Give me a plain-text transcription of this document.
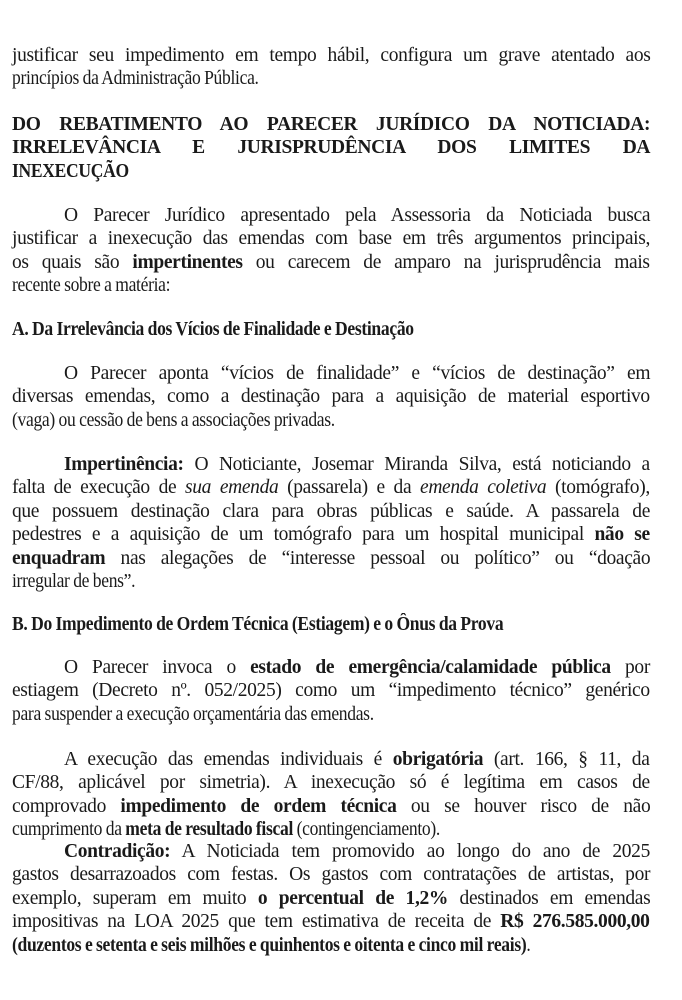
justificar seu impedimento em tempo hábil, configura um grave atentado aos
princípios da Administração Pública.
DO REBATIMENTO AO PARECER JURÍDICO DA NOTICIADA:
IRRELEVÂNCIA E JURISPRUDÊNCIA DOS LIMITES DA
INEXECUÇÃO
O Parecer Jurídico apresentado pela Assessoria da Noticiada busca
justificar a inexecução das emendas com base em três argumentos principais,
os quais são impertinentes ou carecem de amparo na jurisprudência mais
recente sobre a matéria:
A. Da Irrelevância dos Vícios de Finalidade e Destinação
O Parecer aponta “vícios de finalidade” e “vícios de destinação” em
diversas emendas, como a destinação para a aquisição de material esportivo
(vaga) ou cessão de bens a associações privadas.
Impertinência: O Noticiante, Josemar Miranda Silva, está noticiando a
falta de execução de sua emenda (passarela) e da emenda coletiva (tomógrafo),
que possuem destinação clara para obras públicas e saúde. A passarela de
pedestres e a aquisição de um tomógrafo para um hospital municipal não se
enquadram nas alegações de “interesse pessoal ou político” ou “doação
irregular de bens”.
B. Do Impedimento de Ordem Técnica (Estiagem) e o Ônus da Prova
O Parecer invoca o estado de emergência/calamidade pública por
estiagem (Decreto nº. 052/2025) como um “impedimento técnico” genérico
para suspender a execução orçamentária das emendas.
A execução das emendas individuais é obrigatória (art. 166, § 11, da
CF/88, aplicável por simetria). A inexecução só é legítima em casos de
comprovado impedimento de ordem técnica ou se houver risco de não
cumprimento da meta de resultado fiscal (contingenciamento).
Contradição: A Noticiada tem promovido ao longo do ano de 2025
gastos desarrazoados com festas. Os gastos com contratações de artistas, por
exemplo, superam em muito o percentual de 1,2% destinados em emendas
impositivas na LOA 2025 que tem estimativa de receita de R$ 276.585.000,00
(duzentos e setenta e seis milhões e quinhentos e oitenta e cinco mil reais).
